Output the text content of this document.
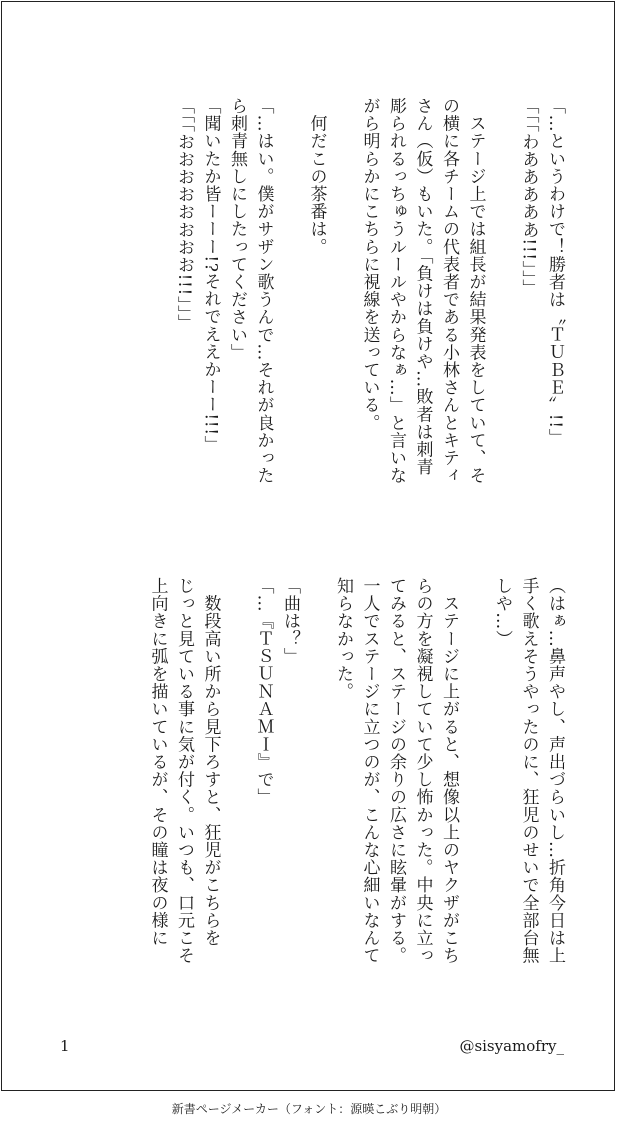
「…というわけで！勝者は〝ＴＵＢＥ〟!!」
「「「わあああああ!!!」」」

　ステージ上では組長が結果発表をしていて、そ
の横に各チームの代表者である小林さんとキティ
さん（仮）もいた。「負けは負けや…敗者は刺青
彫られるっちゅうルールやからなぁ…」と言いな
がら明らかにこちらに視線を送っている。

　何だこの茶番は。

「…はい。僕がサザン歌うんで…それが良かった
ら刺青無しにしたってください」
「聞いたか皆ーーー!?それでええかーー!!!」
「「「おおおおおおおお!!!」」」
（はぁ…鼻声やし、声出づらいし…折角今日は上
手く歌えそうやったのに、狂児のせいで全部台無
しや…）

　ステージに上がると、想像以上のヤクザがこち
らの方を凝視していて少し怖かった。中央に立っ
てみると、ステージの余りの広さに眩暈がする。
一人でステージに立つのが、こんな心細いなんて
知らなかった。

「曲は？」
「…『ＴＳＵＮＡＭＩ』で」

　数段高い所から見下ろすと、狂児がこちらを
じっと見ている事に気が付く。いつも、口元こそ
上向きに弧を描いているが、その瞳は夜の様に
1	@sisyamofry_
新書ページメーカー（フォント：源暎こぶり明朝）
